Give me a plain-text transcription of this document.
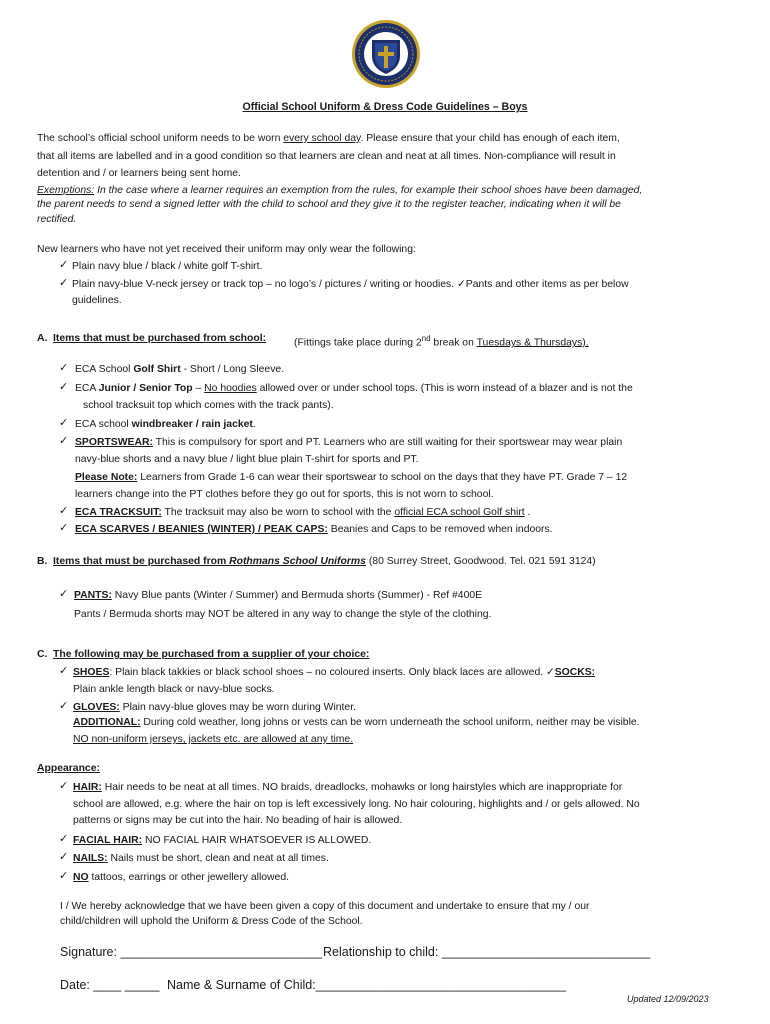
Official School Uniform & Dress Code Guidelines – Boys
The school’s official school uniform needs to be worn every school day. Please ensure that your child has enough of each item,
that all items are labelled and in a good condition so that learners are clean and neat at all times. Non-compliance will result in
detention and / or learners being sent home.
Exemptions: In the case where a learner requires an exemption from the rules, for example their school shoes have been damaged,
the parent needs to send a signed letter with the child to school and they give it to the register teacher, indicating when it will be
rectified.
New learners who have not yet received their uniform may only wear the following:
✓ Plain navy blue / black / white golf T-shirt.
✓ Plain navy-blue V-neck jersey or track top – no logo’s / pictures / writing or hoodies. ✓Pants and other items as per below
guidelines.
A. Items that must be purchased from school:	(Fittings take place during 2nd break on Tuesdays & Thursdays).
✓ ECA School Golf Shirt - Short / Long Sleeve.
✓ ECA Junior / Senior Top – No hoodies allowed over or under school tops. (This is worn instead of a blazer and is not the
school tracksuit top which comes with the track pants).
✓ ECA school windbreaker / rain jacket.
✓ SPORTSWEAR: This is compulsory for sport and PT. Learners who are still waiting for their sportswear may wear plain
navy-blue shorts and a navy blue / light blue plain T-shirt for sports and PT.
Please Note: Learners from Grade 1-6 can wear their sportswear to school on the days that they have PT. Grade 7 – 12
learners change into the PT clothes before they go out for sports, this is not worn to school.
✓ ECA TRACKSUIT: The tracksuit may also be worn to school with the official ECA school Golf shirt .
✓ ECA SCARVES / BEANIES (WINTER) / PEAK CAPS: Beanies and Caps to be removed when indoors.
B. Items that must be purchased from Rothmans School Uniforms (80 Surrey Street, Goodwood. Tel. 021 591 3124)
✓ PANTS: Navy Blue pants (Winter / Summer) and Bermuda shorts (Summer) - Ref #400E
Pants / Bermuda shorts may NOT be altered in any way to change the style of the clothing.
C. The following may be purchased from a supplier of your choice:
✓ SHOES: Plain black takkies or black school shoes – no coloured inserts. Only black laces are allowed. ✓SOCKS:
Plain ankle length black or navy-blue socks.
✓ GLOVES: Plain navy-blue gloves may be worn during Winter.
ADDITIONAL: During cold weather, long johns or vests can be worn underneath the school uniform, neither may be visible.
NO non-uniform jerseys, jackets etc. are allowed at any time.
Appearance:
✓ HAIR: Hair needs to be neat at all times. NO braids, dreadlocks, mohawks or long hairstyles which are inappropriate for
school are allowed, e.g. where the hair on top is left excessively long. No hair colouring, highlights and / or gels allowed. No
patterns or signs may be cut into the hair. No beading of hair is allowed.
✓ FACIAL HAIR: NO FACIAL HAIR WHATSOEVER IS ALLOWED.
✓ NAILS: Nails must be short, clean and neat at all times.
✓ NO tattoos, earrings or other jewellery allowed.
I / We hereby acknowledge that we have been given a copy of this document and undertake to ensure that my / our
child/children will uphold the Uniform & Dress Code of the School.
Signature: _____________________________ Relationship to child: ______________________________
Date: ____ _____ Name & Surname of Child:____________________________________
Updated 12/09/2023
